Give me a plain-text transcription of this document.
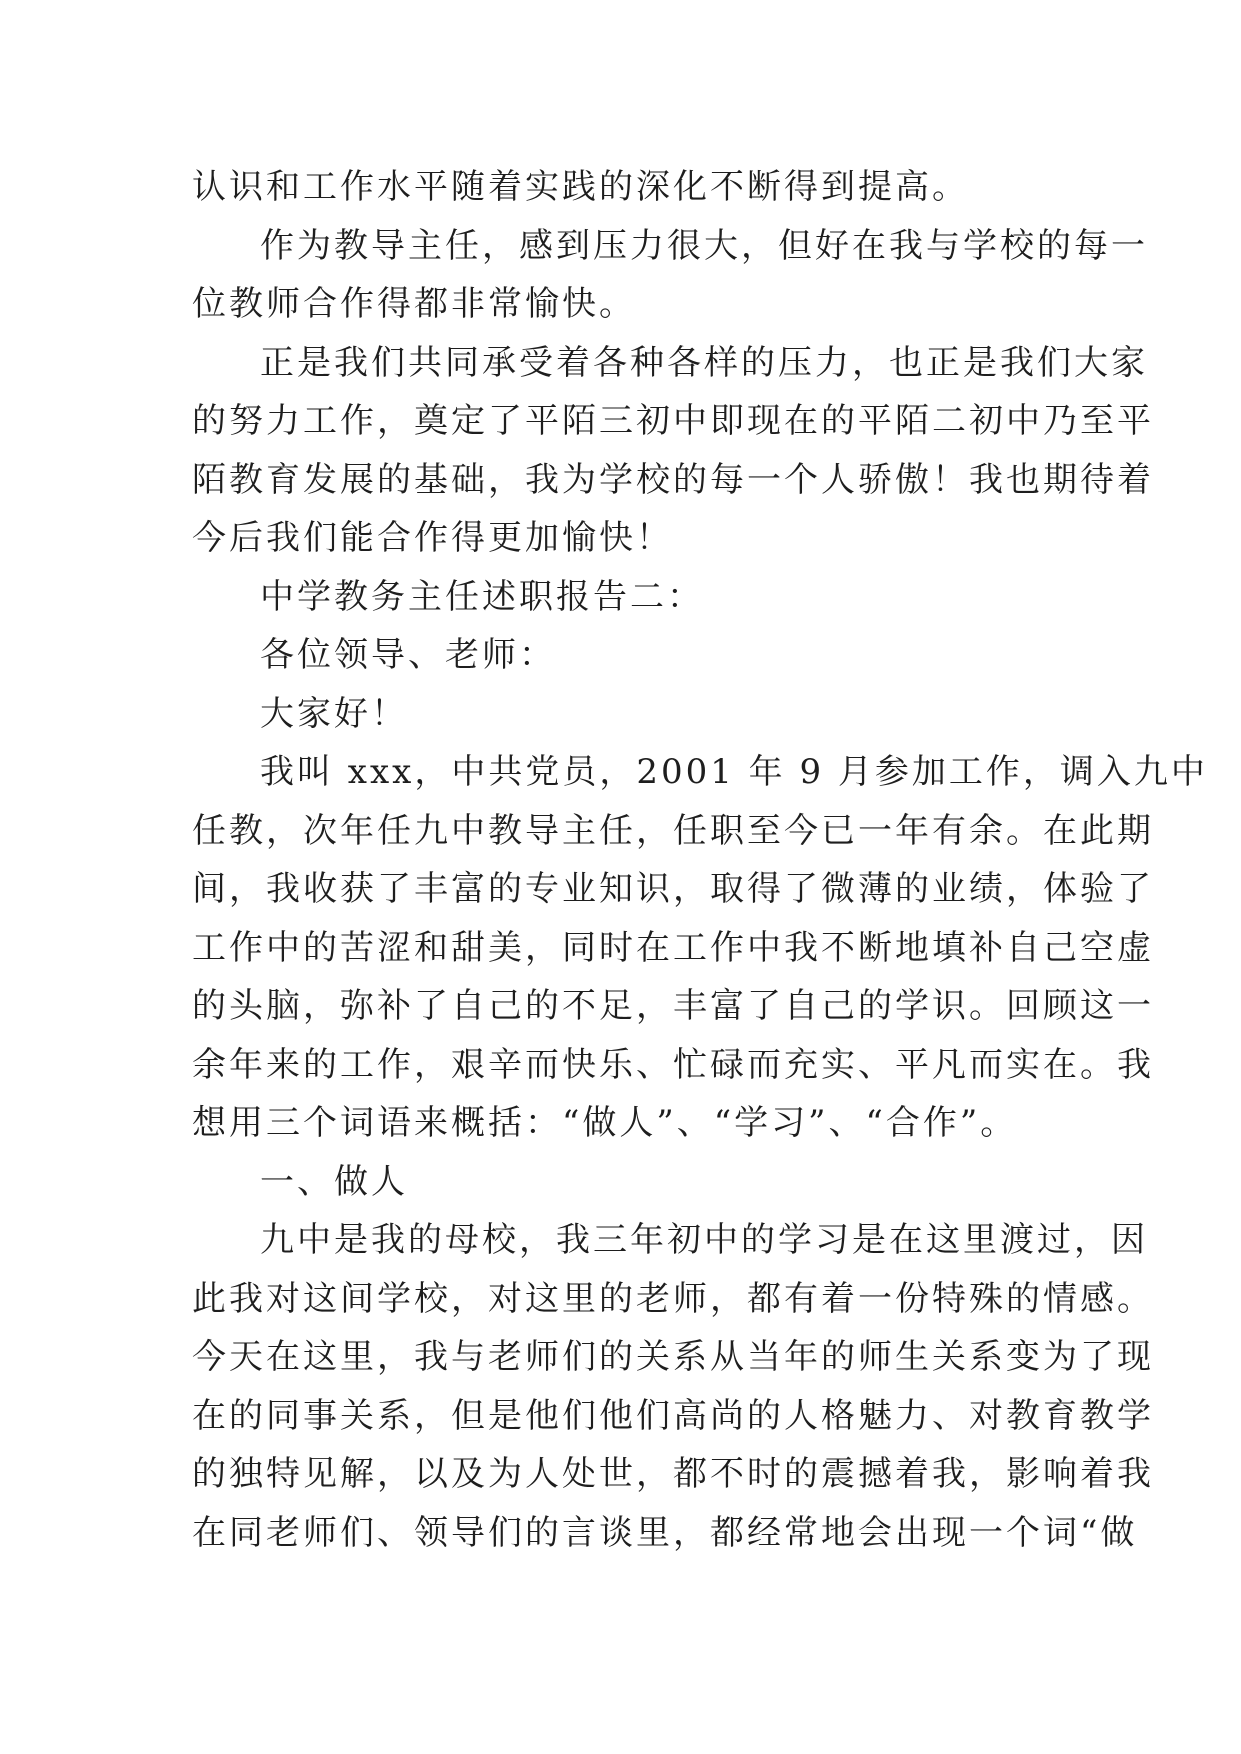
认识和工作水平随着实践的深化不断得到提高。
作为教导主任，感到压力很大，但好在我与学校的每一
位教师合作得都非常愉快。
正是我们共同承受着各种各样的压力，也正是我们大家
的努力工作，奠定了平陌三初中即现在的平陌二初中乃至平
陌教育发展的基础，我为学校的每一个人骄傲！我也期待着
今后我们能合作得更加愉快！
中学教务主任述职报告二：
各位领导、老师：
大家好！
我叫 xxx，中共党员，2001 年 9 月参加工作，调入九中
任教，次年任九中教导主任，任职至今已一年有余。在此期
间，我收获了丰富的专业知识，取得了微薄的业绩，体验了
工作中的苦涩和甜美，同时在工作中我不断地填补自己空虚
的头脑，弥补了自己的不足，丰富了自己的学识。回顾这一
余年来的工作，艰辛而快乐、忙碌而充实、平凡而实在。我
想用三个词语来概括：“做人”、“学习”、“合作”。
一、做人
九中是我的母校，我三年初中的学习是在这里渡过，因
此我对这间学校，对这里的老师，都有着一份特殊的情感。
今天在这里，我与老师们的关系从当年的师生关系变为了现
在的同事关系，但是他们他们高尚的人格魅力、对教育教学
的独特见解，以及为人处世，都不时的震撼着我，影响着我
在同老师们、领导们的言谈里，都经常地会出现一个词“做
